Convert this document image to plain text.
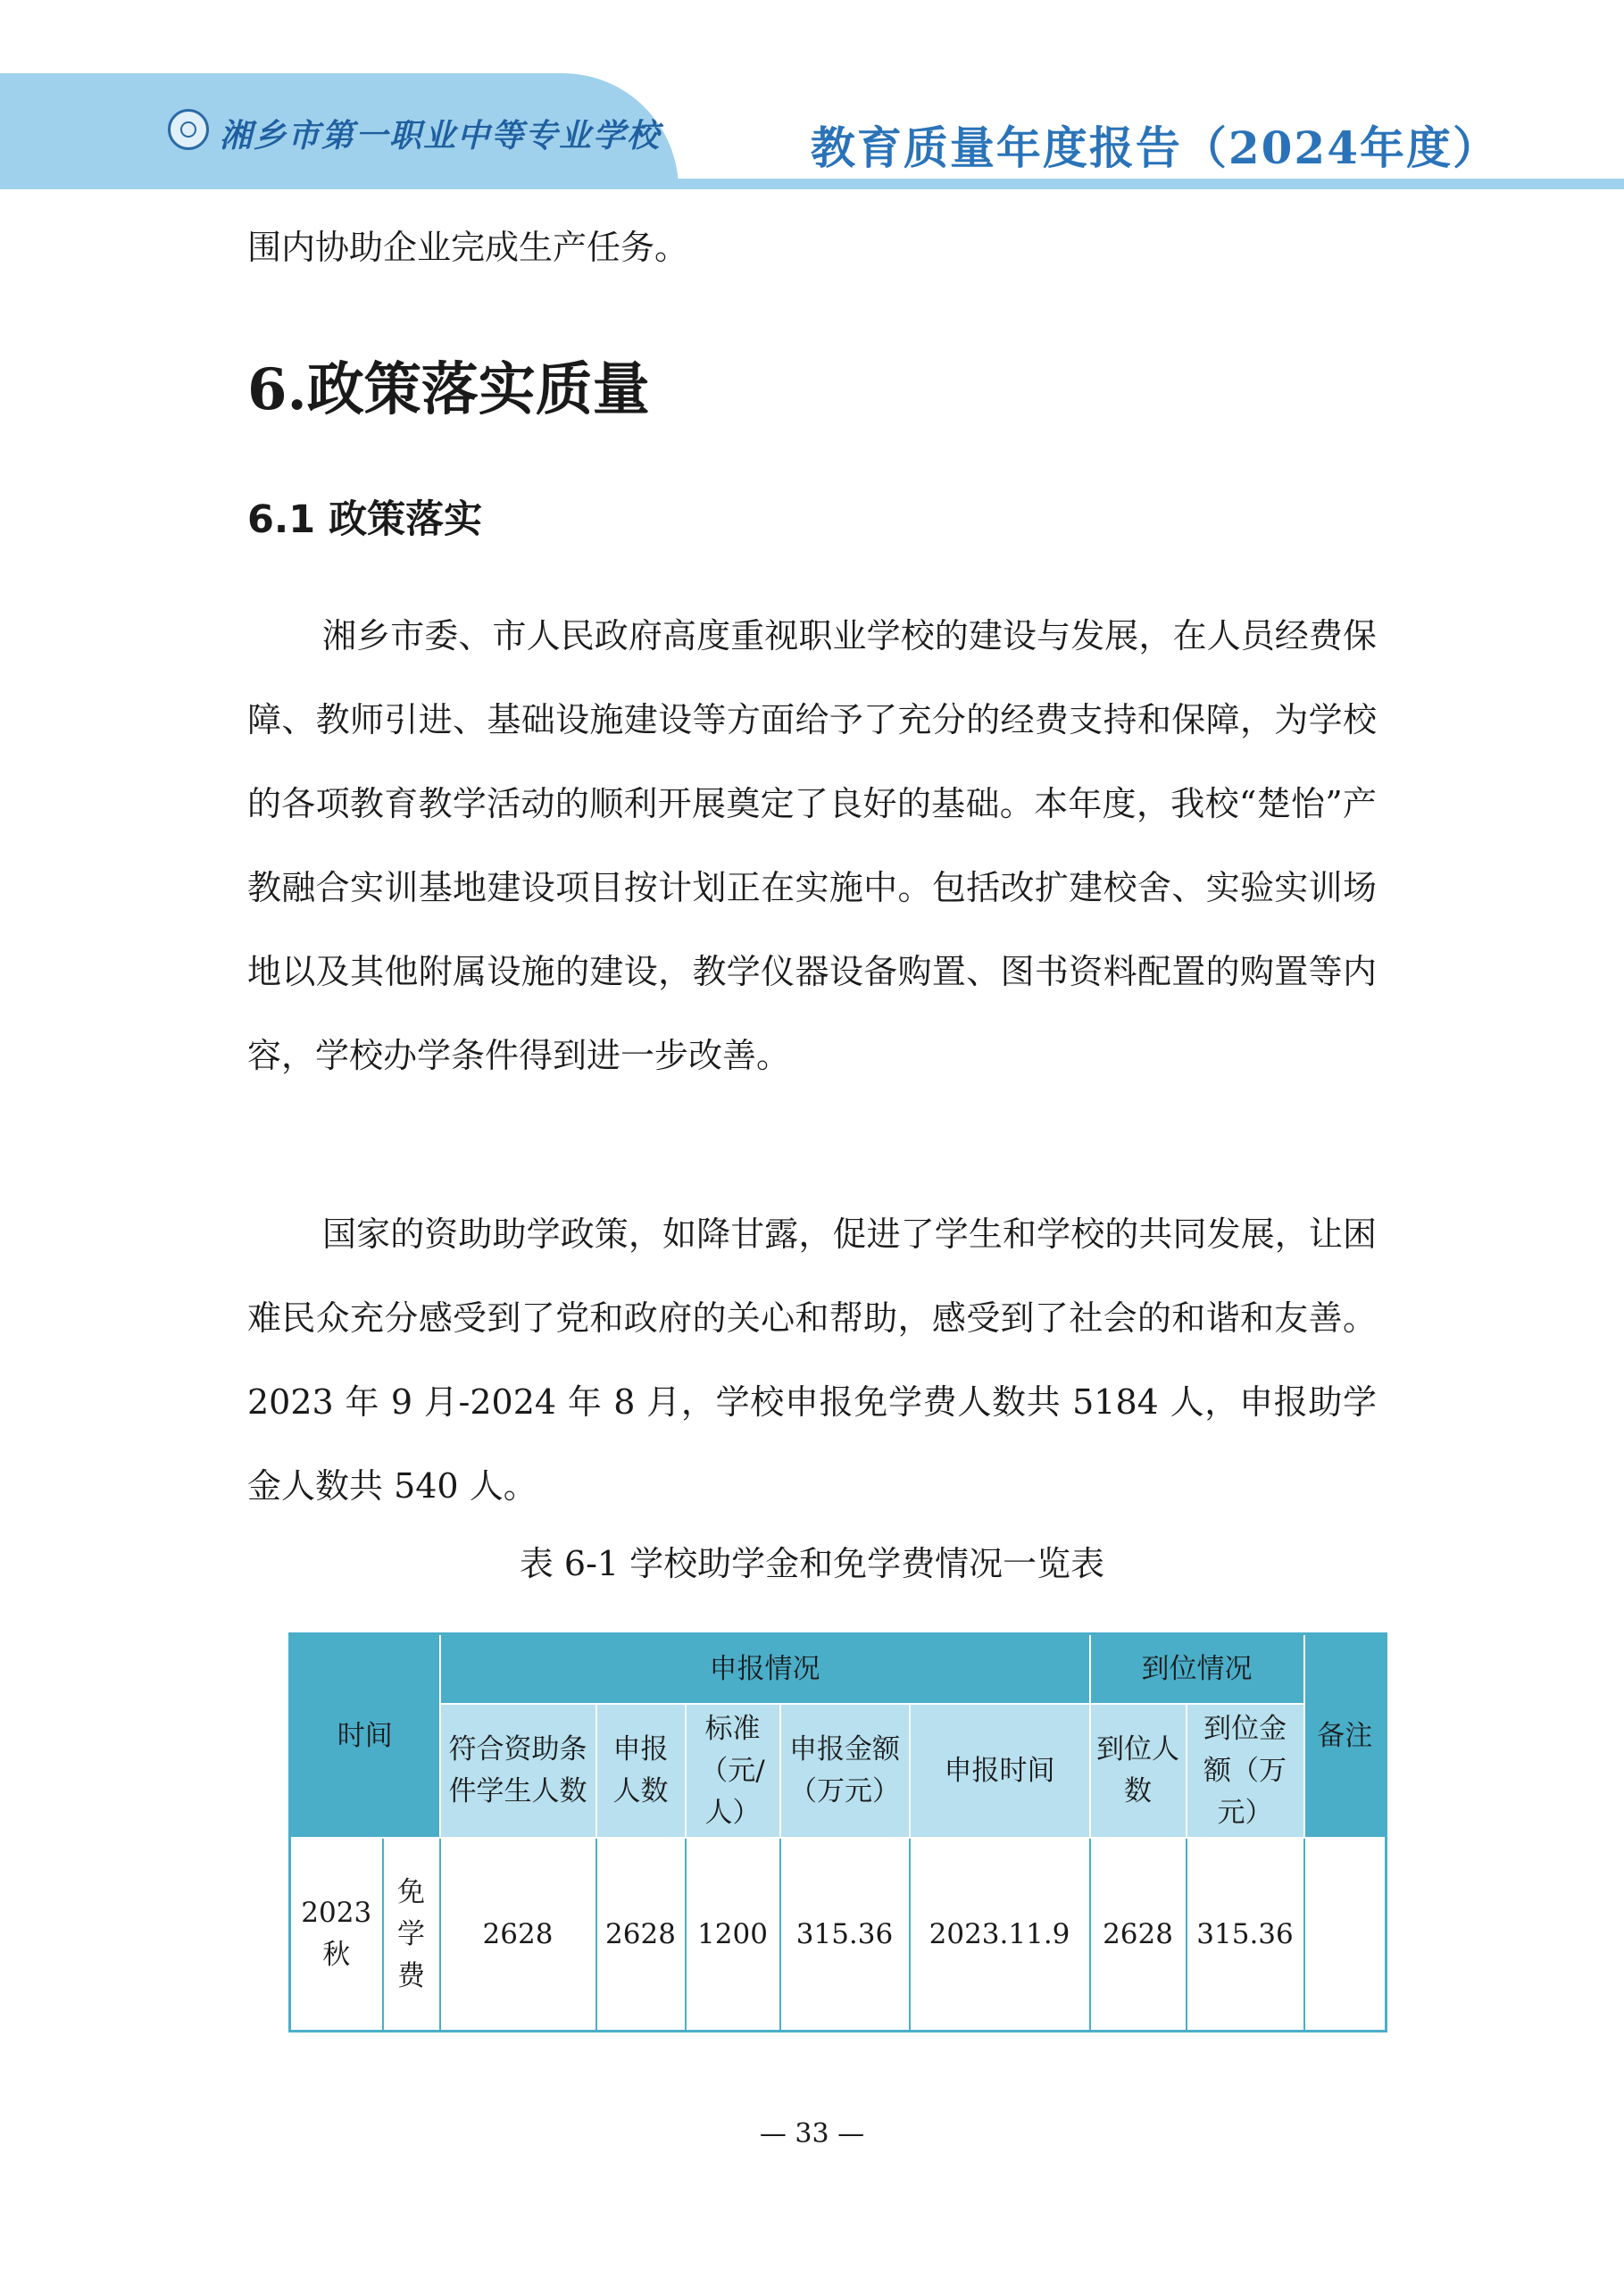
湘乡市第一职业中等专业学校	教育质量年度报告（2024年度）

围内协助企业完成生产任务。

6.政策落实质量
6.1 政策落实

湘乡市委、市人民政府高度重视职业学校的建设与发展，在人员经费保障、教师引进、基础设施建设等方面给予了充分的经费支持和保障，为学校的各项教育教学活动的顺利开展奠定了良好的基础。本年度，我校“楚怡”产教融合实训基地建设项目按计划正在实施中。包括改扩建校舍、实验实训场地以及其他附属设施的建设，教学仪器设备购置、图书资料配置的购置等内容，学校办学条件得到进一步改善。

国家的资助助学政策，如降甘露，促进了学生和学校的共同发展，让困难民众充分感受到了党和政府的关心和帮助，感受到了社会的和谐和友善。2023 年 9 月-2024 年 8 月，学校申报免学费人数共 5184 人，申报助学金人数共 540 人。

表 6-1 学校助学金和免学费情况一览表
时间		申报情况					到位情况		备注
		符合资助条件学生人数	申报人数	标准（元/人）	申报金额（万元）	申报时间	到位人数	到位金额（万元）	
2023秋	免学费	2628	2628	1200	315.36	2023.11.9	2628	315.36	
— 33 —
